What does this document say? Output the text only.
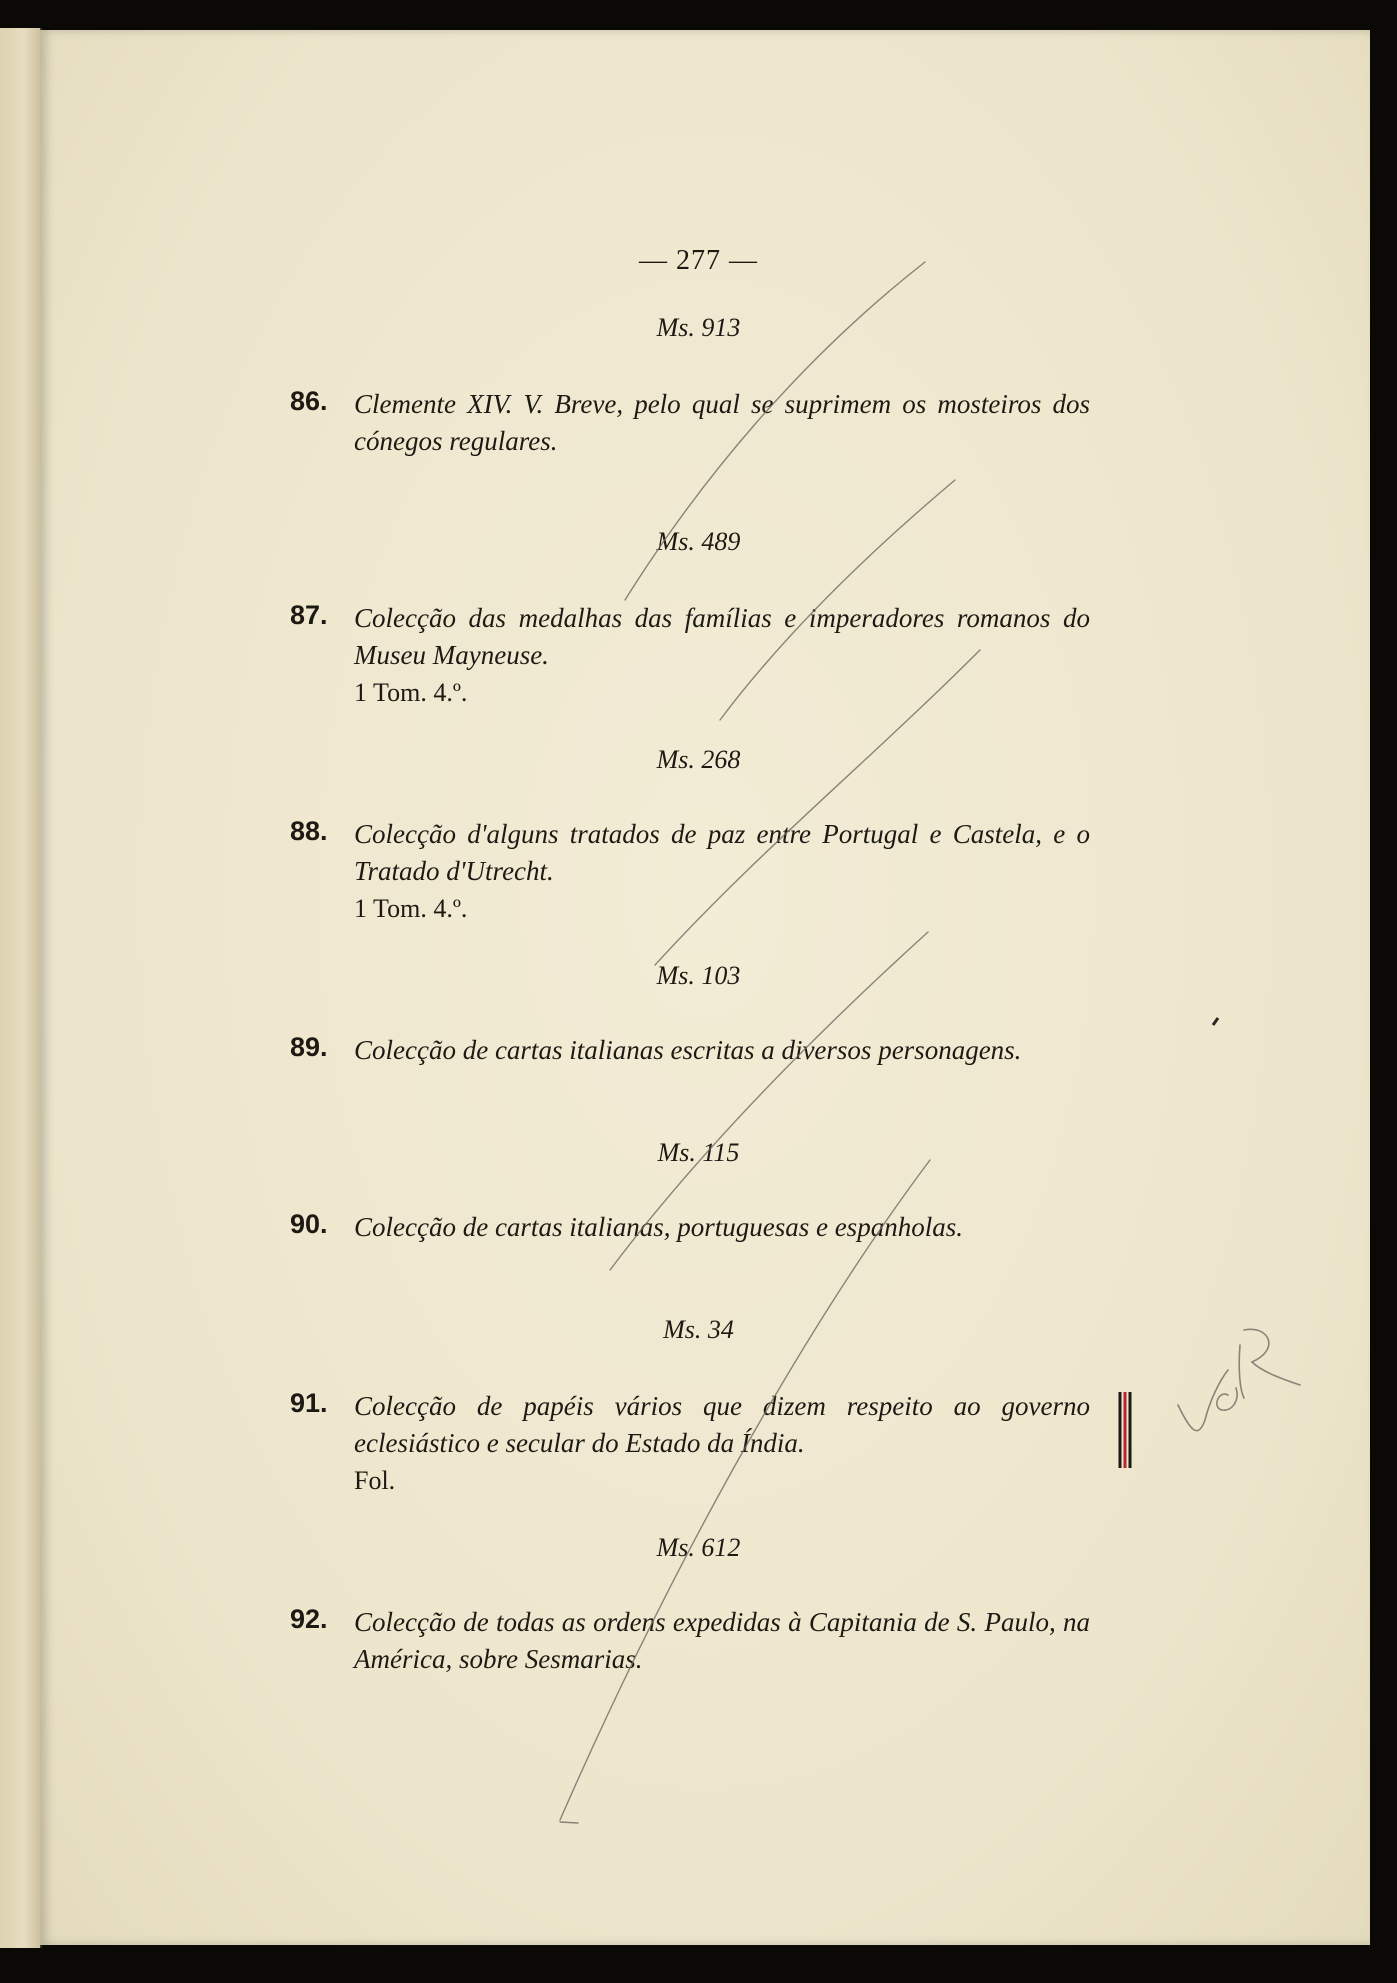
— 277 —
Ms. 913
86. Clemente XIV. V. Breve, pelo qual se suprimem os mosteiros dos cónegos regulares.
Ms. 489
87. Colecção das medalhas das famílias e imperadores romanos do Museu Mayneuse.
1 Tom. 4.º.
Ms. 268
88. Colecção d'alguns tratados de paz entre Portugal e Castela, e o Tratado d'Utrecht.
1 Tom. 4.º.
Ms. 103
89. Colecção de cartas italianas escritas a diversos personagens.
Ms. 115
90. Colecção de cartas italianas, portuguesas e espanholas.
Ms. 34
91. Colecção de papéis vários que dizem respeito ao governo eclesiástico e secular do Estado da Índia.
Fol.
Ms. 612
92. Colecção de todas as ordens expedidas à Capitania de S. Paulo, na América, sobre Sesmarias.
